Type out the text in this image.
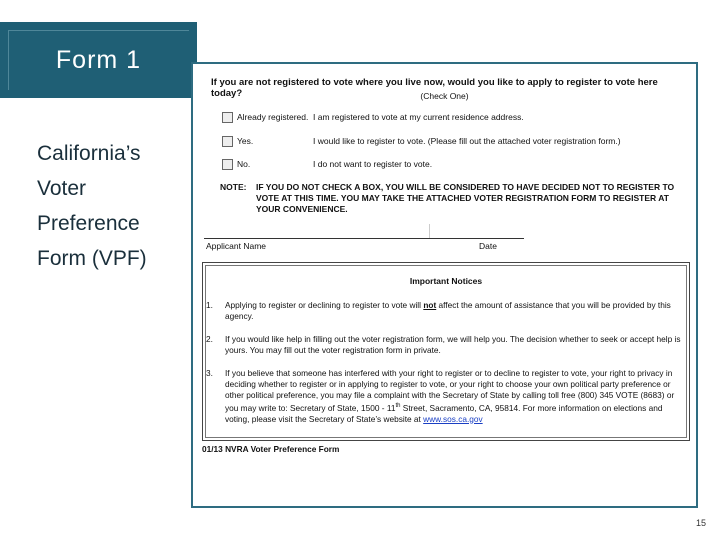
Form 1
California’s
Voter
Preference
Form (VPF)
If you are not registered to vote where you live now, would you like to apply to register to vote here today?	(Check One)
Already registered. I am registered to vote at my current residence address.
Yes.	I would like to register to vote. (Please fill out the attached voter registration form.)
No.	I do not want to register to vote.
NOTE: IF YOU DO NOT CHECK A BOX, YOU WILL BE CONSIDERED TO HAVE DECIDED NOT TO REGISTER TO
VOTE AT THIS TIME. YOU MAY TAKE THE ATTACHED VOTER REGISTRATION FORM TO REGISTER AT
YOUR CONVENIENCE.
Applicant Name	Date
Important Notices
1.	Applying to register or declining to register to vote will not affect the amount of assistance that you will be provided by this agency.
2.	If you would like help in filling out the voter registration form, we will help you. The decision whether to seek or accept help is yours. You may fill out the voter registration form in private.
3.	If you believe that someone has interfered with your right to register or to decline to register to vote, your right to privacy in deciding whether to register or in applying to register to vote, or your right to choose your own political party preference or other political preference, you may file a complaint with the Secretary of State by calling toll free (800) 345 VOTE (8683) or you may write to: Secretary of State, 1500 - 11th Street, Sacramento, CA, 95814. For more information on elections and voting, please visit the Secretary of State’s website at www.sos.ca.gov
01/13 NVRA Voter Preference Form
15
